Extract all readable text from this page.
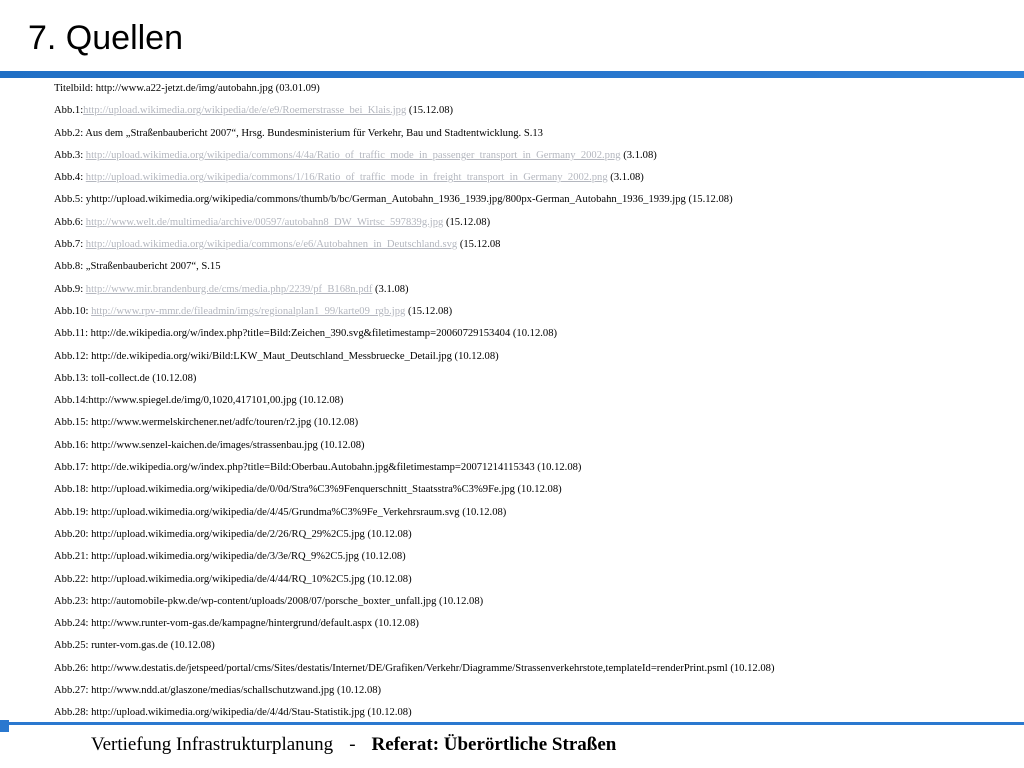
7. Quellen
Titelbild: http://www.a22-jetzt.de/img/autobahn.jpg (03.01.09)
Abb.1:http://upload.wikimedia.org/wikipedia/de/e/e9/Roemerstrasse_bei_Klais.jpg (15.12.08)
Abb.2: Aus dem „Straßenbaubericht 2007“, Hrsg. Bundesministerium für Verkehr, Bau und Stadtentwicklung. S.13
Abb.3: http://upload.wikimedia.org/wikipedia/commons/4/4a/Ratio_of_traffic_mode_in_passenger_transport_in_Germany_2002.png (3.1.08)
Abb.4: http://upload.wikimedia.org/wikipedia/commons/1/16/Ratio_of_traffic_mode_in_freight_transport_in_Germany_2002.png (3.1.08)
Abb.5: yhttp://upload.wikimedia.org/wikipedia/commons/thumb/b/bc/German_Autobahn_1936_1939.jpg/800px-German_Autobahn_1936_1939.jpg (15.12.08)
Abb.6: http://www.welt.de/multimedia/archive/00597/autobahn8_DW_Wirtsc_597839g.jpg (15.12.08)
Abb.7: http://upload.wikimedia.org/wikipedia/commons/e/e6/Autobahnen_in_Deutschland.svg (15.12.08
Abb.8: „Straßenbaubericht 2007“, S.15
Abb.9: http://www.mir.brandenburg.de/cms/media.php/2239/pf_B168n.pdf (3.1.08)
Abb.10: http://www.rpv-mmr.de/fileadmin/imgs/regionalplan1_99/karte09_rgb.jpg (15.12.08)
Abb.11: http://de.wikipedia.org/w/index.php?title=Bild:Zeichen_390.svg&filetimestamp=20060729153404 (10.12.08)
Abb.12: http://de.wikipedia.org/wiki/Bild:LKW_Maut_Deutschland_Messbruecke_Detail.jpg (10.12.08)
Abb.13: toll-collect.de (10.12.08)
Abb.14:http://www.spiegel.de/img/0,1020,417101,00.jpg (10.12.08)
Abb.15: http://www.wermelskirchener.net/adfc/touren/r2.jpg (10.12.08)
Abb.16: http://www.senzel-kaichen.de/images/strassenbau.jpg (10.12.08)
Abb.17: http://de.wikipedia.org/w/index.php?title=Bild:Oberbau.Autobahn.jpg&filetimestamp=20071214115343 (10.12.08)
Abb.18: http://upload.wikimedia.org/wikipedia/de/0/0d/Stra%C3%9Fenquerschnitt_Staatsstra%C3%9Fe.jpg (10.12.08)
Abb.19: http://upload.wikimedia.org/wikipedia/de/4/45/Grundma%C3%9Fe_Verkehrsraum.svg (10.12.08)
Abb.20: http://upload.wikimedia.org/wikipedia/de/2/26/RQ_29%2C5.jpg (10.12.08)
Abb.21: http://upload.wikimedia.org/wikipedia/de/3/3e/RQ_9%2C5.jpg (10.12.08)
Abb.22: http://upload.wikimedia.org/wikipedia/de/4/44/RQ_10%2C5.jpg (10.12.08)
Abb.23: http://automobile-pkw.de/wp-content/uploads/2008/07/porsche_boxter_unfall.jpg (10.12.08)
Abb.24: http://www.runter-vom-gas.de/kampagne/hintergrund/default.aspx (10.12.08)
Abb.25: runter-vom.gas.de (10.12.08)
Abb.26: http://www.destatis.de/jetspeed/portal/cms/Sites/destatis/Internet/DE/Grafiken/Verkehr/Diagramme/Strassenverkehrstote,templateId=renderPrint.psml (10.12.08)
Abb.27: http://www.ndd.at/glaszone/medias/schallschutzwand.jpg (10.12.08)
Abb.28: http://upload.wikimedia.org/wikipedia/de/4/4d/Stau-Statistik.jpg (10.12.08)
Vertiefung Infrastrukturplanung - Referat: Überörtliche Straßen
